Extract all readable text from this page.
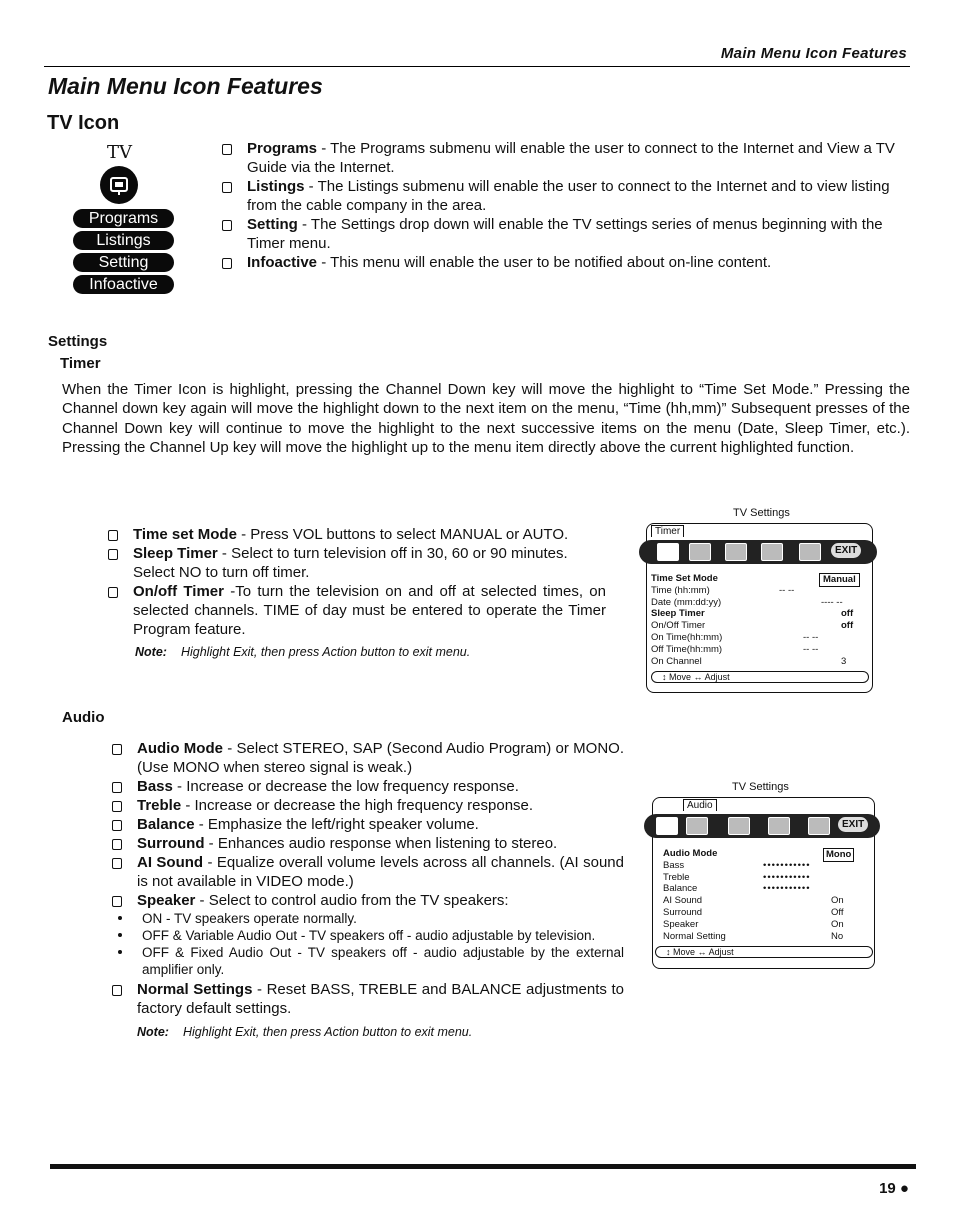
Main Menu Icon Features
Main Menu Icon Features
TV Icon
TV
Programs
Listings
Setting
Infoactive
Programs - The Programs submenu will enable the user to connect to the Internet and View a TV Guide via the Internet.
Listings - The Listings submenu will enable the user to connect to the Internet and to view listing from the cable company in the area.
Setting - The Settings drop down will enable the TV settings series of menus beginning with the Timer menu.
Infoactive - This menu will enable the user to be notified about on-line content.
Settings
Timer
When the Timer Icon is highlight, pressing the Channel Down key will move the highlight to “Time Set Mode.” Pressing the Channel down key again will move the highlight down to the next item on the menu, “Time (hh,mm)” Subsequent presses of the Channel Down key will continue to move the highlight to the next successive items on the menu (Date, Sleep Timer, etc.). Pressing the Channel Up key will move the highlight up to the menu item directly above the current highlighted function.
Time set Mode - Press VOL buttons to select MANUAL or AUTO.
Sleep Timer - Select to turn television off in 30, 60 or 90 minutes. Select NO to turn off timer.
On/off Timer -To turn the television on and off at selected times, on selected channels. TIME of day must be entered to operate the Timer Program feature.
Note: Highlight Exit, then press Action button to exit menu.
TV Settings
Timer
EXIT
Time Set Mode	Manual
Time (hh:mm)	-- --
Date (mm:dd:yy)	---- --
Sleep Timer	off
On/Off Timer	off
On Time(hh:mm)	-- --
Off Time(hh:mm)	-- --
On Channel	3
↕ Move ↔ Adjust
Audio
Audio Mode - Select STEREO, SAP (Second Audio Program) or MONO. (Use MONO when stereo signal is weak.)
Bass - Increase or decrease the low frequency response.
Treble - Increase or decrease the high frequency response.
Balance - Emphasize the left/right speaker volume.
Surround - Enhances audio response when listening to stereo.
AI Sound - Equalize overall volume levels across all channels. (AI sound is not available in VIDEO mode.)
Speaker - Select to control audio from the TV speakers:
ON - TV speakers operate normally.
OFF & Variable Audio Out - TV speakers off - audio adjustable by television.
OFF & Fixed Audio Out - TV speakers off - audio adjustable by the external amplifier only.
Normal Settings - Reset BASS, TREBLE and BALANCE adjustments to factory default settings.
Note: Highlight Exit, then press Action button to exit menu.
TV Settings
Audio
EXIT
Audio Mode	Mono
Bass	•••••••••••
Treble	•••••••••••
Balance	•••••••••••
AI Sound	On
Surround	Off
Speaker	On
Normal Setting	No
↕ Move ↔ Adjust
19 ●
